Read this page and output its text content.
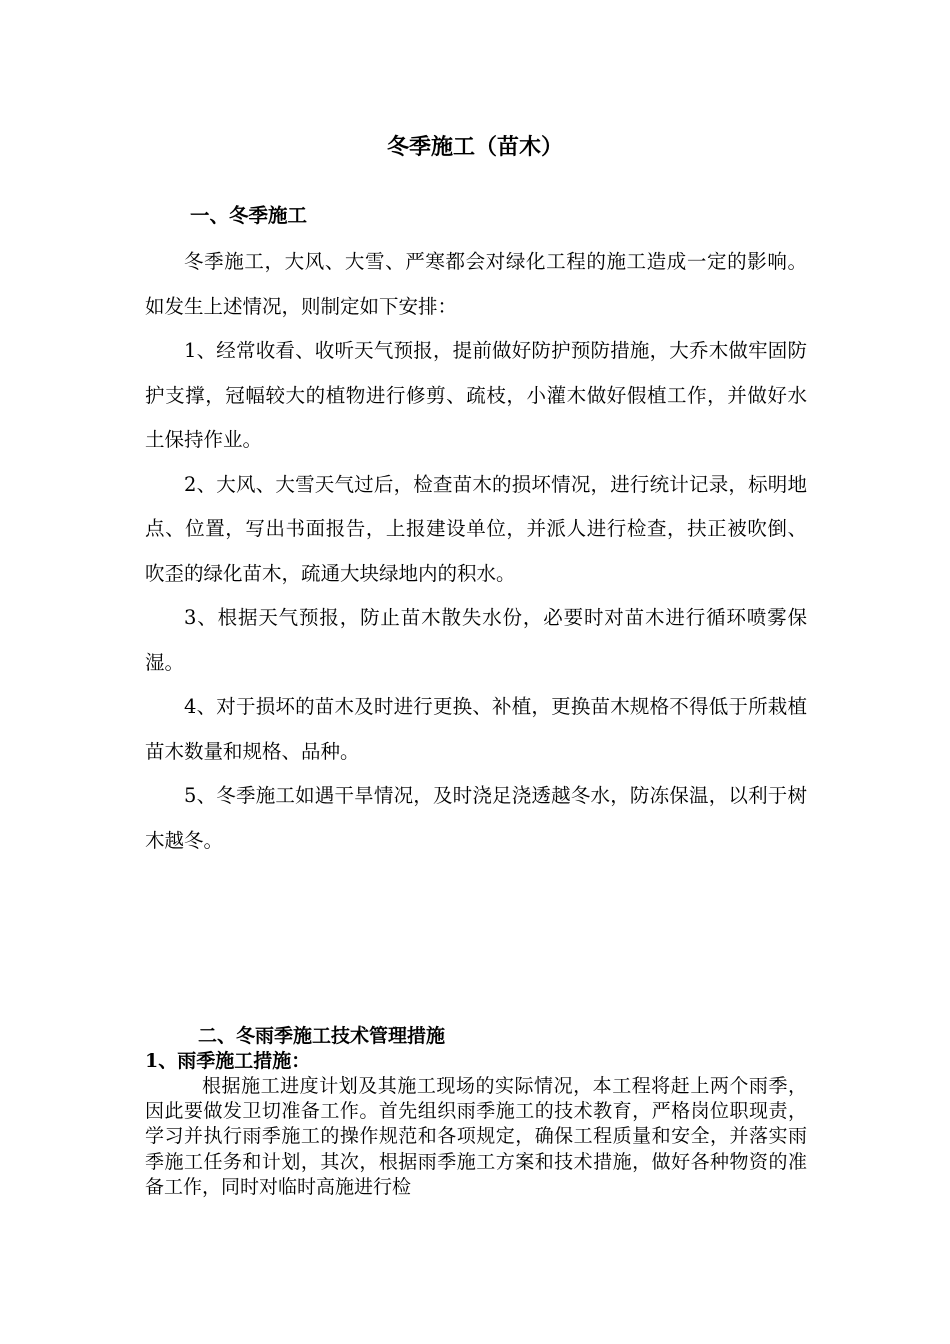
冬季施工（苗木）
一、冬季施工

冬季施工，大风、大雪、严寒都会对绿化工程的施工造成一定的影响。如发生上述情况，则制定如下安排：

1、经常收看、收听天气预报，提前做好防护预防措施，大乔木做牢固防护支撑，冠幅较大的植物进行修剪、疏枝，小灌木做好假植工作，并做好水土保持作业。

2、大风、大雪天气过后，检查苗木的损坏情况，进行统计记录，标明地点、位置，写出书面报告，上报建设单位，并派人进行检查，扶正被吹倒、吹歪的绿化苗木，疏通大块绿地内的积水。

3、根据天气预报，防止苗木散失水份，必要时对苗木进行循环喷雾保湿。

4、对于损坏的苗木及时进行更换、补植，更换苗木规格不得低于所栽植苗木数量和规格、品种。

5、冬季施工如遇干旱情况，及时浇足浇透越冬水，防冻保温，以利于树木越冬。

二、冬雨季施工技术管理措施
1、雨季施工措施：

根据施工进度计划及其施工现场的实际情况，本工程将赶上两个雨季，因此要做发卫切准备工作。首先组织雨季施工的技术教育，严格岗位职现责，学习并执行雨季施工的操作规范和各项规定，确保工程质量和安全，并落实雨季施工任务和计划，其次，根据雨季施工方案和技术措施，做好各种物资的准备工作，同时对临时高施进行检
